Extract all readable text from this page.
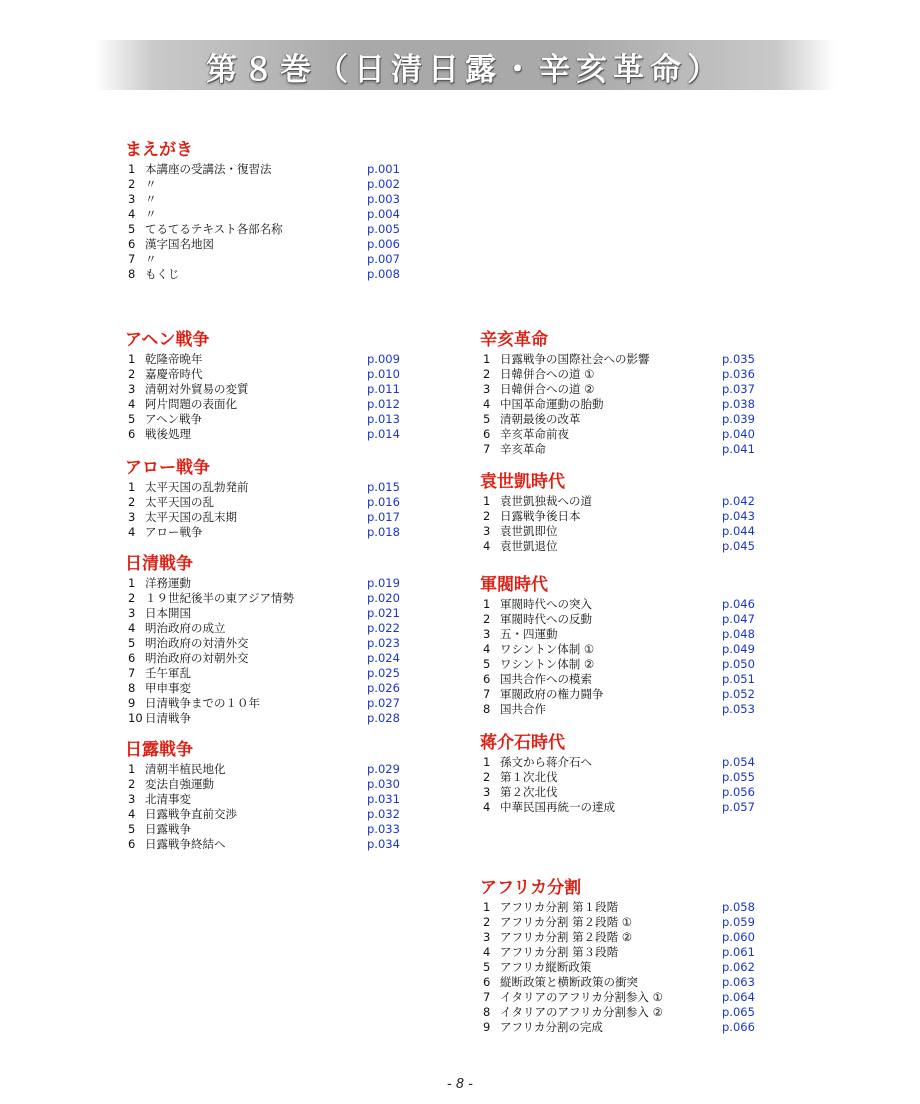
第８巻（日清日露・辛亥革命）
まえがき
1 本講座の受講法・復習法	p.001
2 〃	p.002
3 〃	p.003
4 〃	p.004
5 てるてるテキスト各部名称	p.005
6 漢字国名地図	p.006
7 〃	p.007
8 もくじ	p.008
アヘン戦争
1 乾隆帝晩年	p.009
2 嘉慶帝時代	p.010
3 清朝対外貿易の変質	p.011
4 阿片問題の表面化	p.012
5 アヘン戦争	p.013
6 戦後処理	p.014
アロー戦争
1 太平天国の乱勃発前	p.015
2 太平天国の乱	p.016
3 太平天国の乱末期	p.017
4 アロー戦争	p.018
日清戦争
1 洋務運動	p.019
2 １９世紀後半の東アジア情勢	p.020
3 日本開国	p.021
4 明治政府の成立	p.022
5 明治政府の対清外交	p.023
6 明治政府の対朝外交	p.024
7 壬午軍乱	p.025
8 甲申事変	p.026
9 日清戦争までの１０年	p.027
10 日清戦争	p.028
日露戦争
1 清朝半植民地化	p.029
2 変法自強運動	p.030
3 北清事変	p.031
4 日露戦争直前交渉	p.032
5 日露戦争	p.033
6 日露戦争終結へ	p.034
辛亥革命
1 日露戦争の国際社会への影響	p.035
2 日韓併合への道 ①	p.036
3 日韓併合への道 ②	p.037
4 中国革命運動の胎動	p.038
5 清朝最後の改革	p.039
6 辛亥革命前夜	p.040
7 辛亥革命	p.041
袁世凱時代
1 袁世凱独裁への道	p.042
2 日露戦争後日本	p.043
3 袁世凱即位	p.044
4 袁世凱退位	p.045
軍閥時代
1 軍閥時代への突入	p.046
2 軍閥時代への反動	p.047
3 五・四運動	p.048
4 ワシントン体制 ①	p.049
5 ワシントン体制 ②	p.050
6 国共合作への模索	p.051
7 軍閥政府の権力闘争	p.052
8 国共合作	p.053
蒋介石時代
1 孫文から蒋介石へ	p.054
2 第１次北伐	p.055
3 第２次北伐	p.056
4 中華民国再統一の達成	p.057
アフリカ分割
1 アフリカ分割 第１段階	p.058
2 アフリカ分割 第２段階 ①	p.059
3 アフリカ分割 第２段階 ②	p.060
4 アフリカ分割 第３段階	p.061
5 アフリカ縦断政策	p.062
6 縦断政策と横断政策の衝突	p.063
7 イタリアのアフリカ分割参入 ①	p.064
8 イタリアのアフリカ分割参入 ②	p.065
9 アフリカ分割の完成	p.066
- 8 -
